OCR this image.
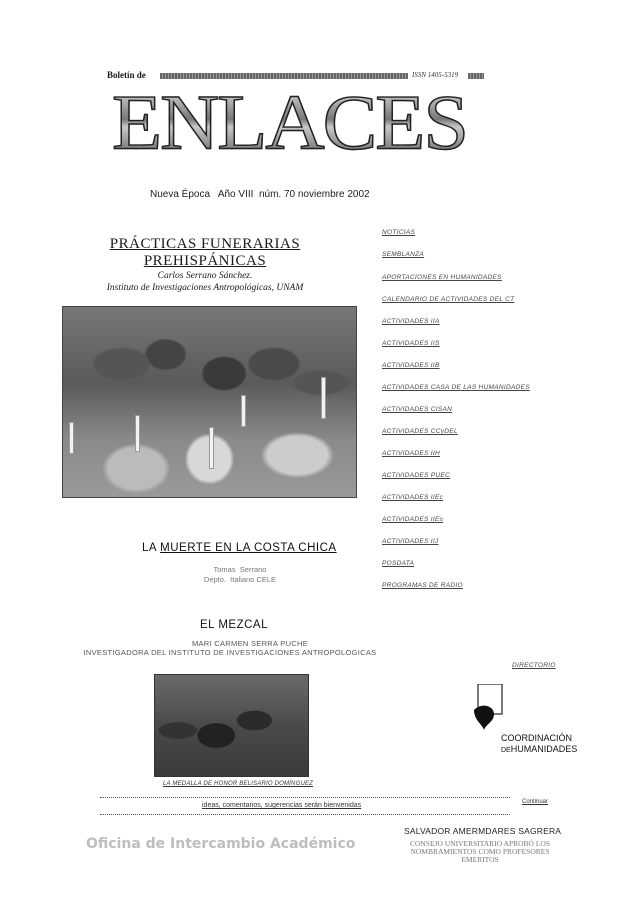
Boletín de	ISSN 1405-5319
ENLACES
Nueva Época   Año VIII  núm. 70 noviembre 2002
PRÁCTICAS FUNERARIAS
PREHISPÁNICAS
Carlos Serrano Sánchez.
Instituto de Investigaciones Antropológicas, UNAM
NOTICIAS
SEMBLANZA
APORTACIONES EN HUMANIDADES
CALENDARIO DE ACTIVIDADES DEL CT
ACTIVIDADES IIA
ACTIVIDADES IIS
ACTIVIDADES IIB
ACTIVIDADES CASA DE LAS HUMANIDADES
ACTIVIDADES CISAN
ACTIVIDADES CCyDEL
ACTIVIDADES IIH
ACTIVIDADES PUEC
ACTIVIDADES IIEc
ACTIVIDADES IIEs
ACTIVIDADES IIJ
POSDATA
PROGRAMAS DE RADIO
DIRECTORIO
LA MUERTE EN LA COSTA CHICA
Tomas  Serrano
Depto.  Italiano CELE
EL MEZCAL
MARI CARMEN SERRA PUCHE
INVESTIGADORA DEL INSTITUTO DE INVESTIGACIONES ANTROPOLOGICAS
LA MEDALLA DE HONOR BELISARIO DOMÍNGUEZ
COORDINACIÓN
DEHUMANIDADES
ideas, comentarios, sugerencias serán bienvenidas	Continuar
Oficina de Intercambio Académico
SALVADOR AMERMDARES SAGRERA
CONSEJO UNIVERSITARIO APROBÓ LOS
NOMBRAMIENTOS COMO PROFESORES
EMERITOS
